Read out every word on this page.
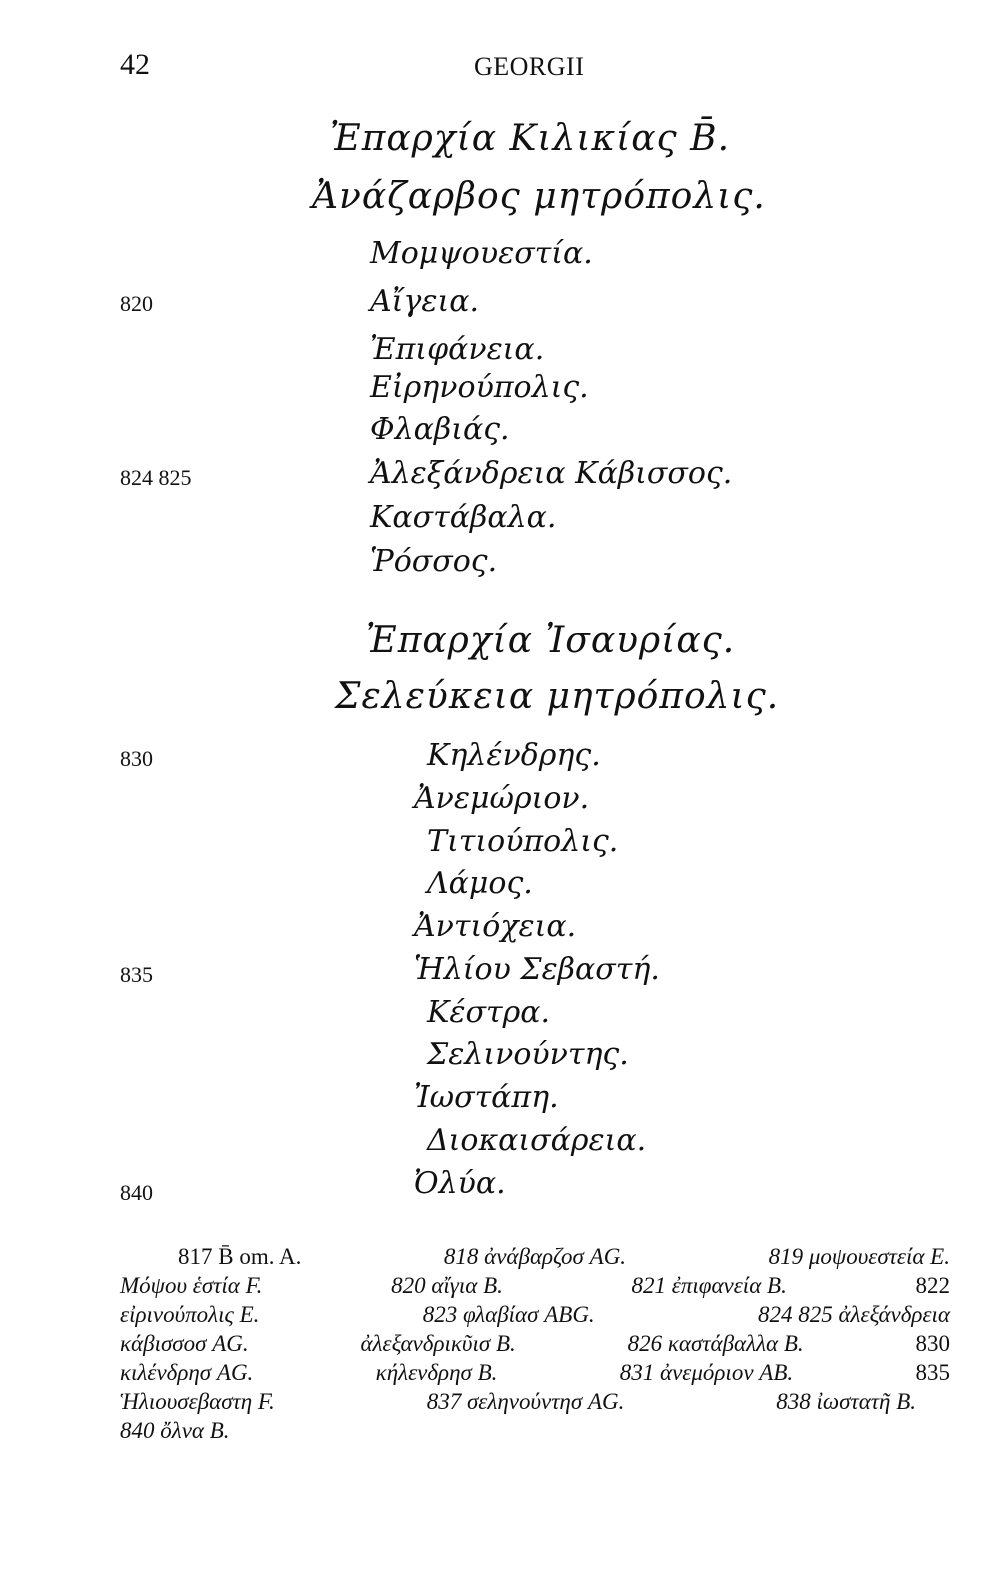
42	GEORGII
Ἐπαρχία Κιλικίας B̄.
Ἀνάζαρβος μητρόπολις.
Μομψουεστία.
820	Αἴγεια.
Ἐπιφάνεια.
Εἰρηνούπολις.
Φλαβιάς.
824 825	Ἀλεξάνδρεια Κάβισσος.
Καστάβαλα.
Ῥόσσος.
Ἐπαρχία Ἰσαυρίας.
Σελεύκεια μητρόπολις.
830	Κηλένδρης.
Ἀνεμώριον.
Τιτιούπολις.
Λάμος.
Ἀντιόχεια.
835	Ἡλίου Σεβαστή.
Κέστρα.
Σελινούντης.
Ἰωστάπη.
Διοκαισάρεια.
840	Ὀλύα.
817 B̄ om. A.	818 ἀνάβαρζοσ AG.	819 μοψουεστεία E.
Μόψου ἑστία F.	820 αἴγια B.	821 ἐπιφανεία B.	822
εἰρινούπολις E.	823 φλαβίασ ABG.	824 825 ἀλεξάνδρεια
κάβισσοσ AG.	ἀλεξανδρικῦισ B.	826 καστάβαλλα B.	830
κιλένδρησ AG.	κήλενδρησ B.	831 ἀνεμόριον AB.	835
Ἡλιουσεβαστη F.	837 σεληνούντησ AG.	838 ἰωστατῆ B.
840 ὄλνα B.
